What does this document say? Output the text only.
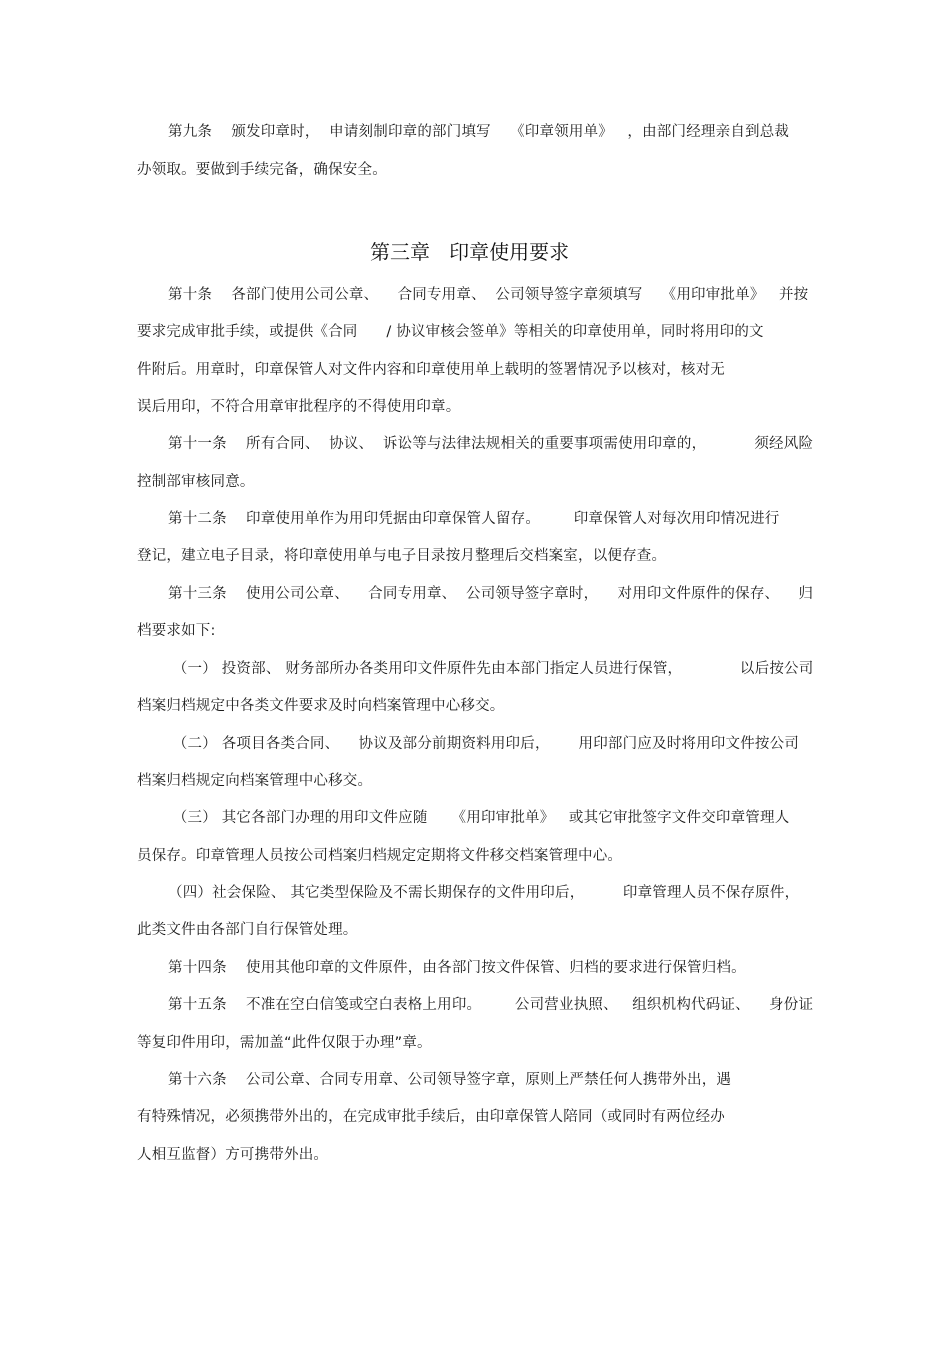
第九条    颁发印章时，  申请刻制印章的部门填写    《印章领用单》   ，由部门经理亲自到总裁
办领取。要做到手续完备，确保安全。
第三章   印章使用要求
第十条    各部门使用公司公章、    合同专用章、  公司领导签字章须填写    《用印审批单》   并按
要求完成审批手续，或提供《合同      / 协议审核会签单》等相关的印章使用单，同时将用印的文
件附后。用章时，印章保管人对文件内容和印章使用单上载明的签署情况予以核对，核对无
误后用印，不符合用章审批程序的不得使用印章。
第十一条    所有合同、  协议、  诉讼等与法律法规相关的重要事项需使用印章的，          须经风险
控制部审核同意。
第十二条    印章使用单作为用印凭据由印章保管人留存。       印章保管人对每次用印情况进行
登记，建立电子目录，将印章使用单与电子目录按月整理后交档案室，以便存查。
第十三条    使用公司公章、    合同专用章、  公司领导签字章时，    对用印文件原件的保存、    归
档要求如下:
（一） 投资部、 财务部所办各类用印文件原件先由本部门指定人员进行保管，            以后按公司
档案归档规定中各类文件要求及时向档案管理中心移交。
（二） 各项目各类合同、    协议及部分前期资料用印后，      用印部门应及时将用印文件按公司
档案归档规定向档案管理中心移交。
（三） 其它各部门办理的用印文件应随     《用印审批单》   或其它审批签字文件交印章管理人
员保存。印章管理人员按公司档案归档规定定期将文件移交档案管理中心。
（四）社会保险、 其它类型保险及不需长期保存的文件用印后，        印章管理人员不保存原件，
此类文件由各部门自行保管处理。
第十四条    使用其他印章的文件原件，由各部门按文件保管、归档的要求进行保管归档。
第十五条    不准在空白信笺或空白表格上用印。       公司营业执照、   组织机构代码证、    身份证
等复印件用印，需加盖“此件仅限于办理”章。
第十六条    公司公章、合同专用章、公司领导签字章，原则上严禁任何人携带外出，遇
有特殊情况，必须携带外出的，在完成审批手续后，由印章保管人陪同（或同时有两位经办
人相互监督）方可携带外出。
